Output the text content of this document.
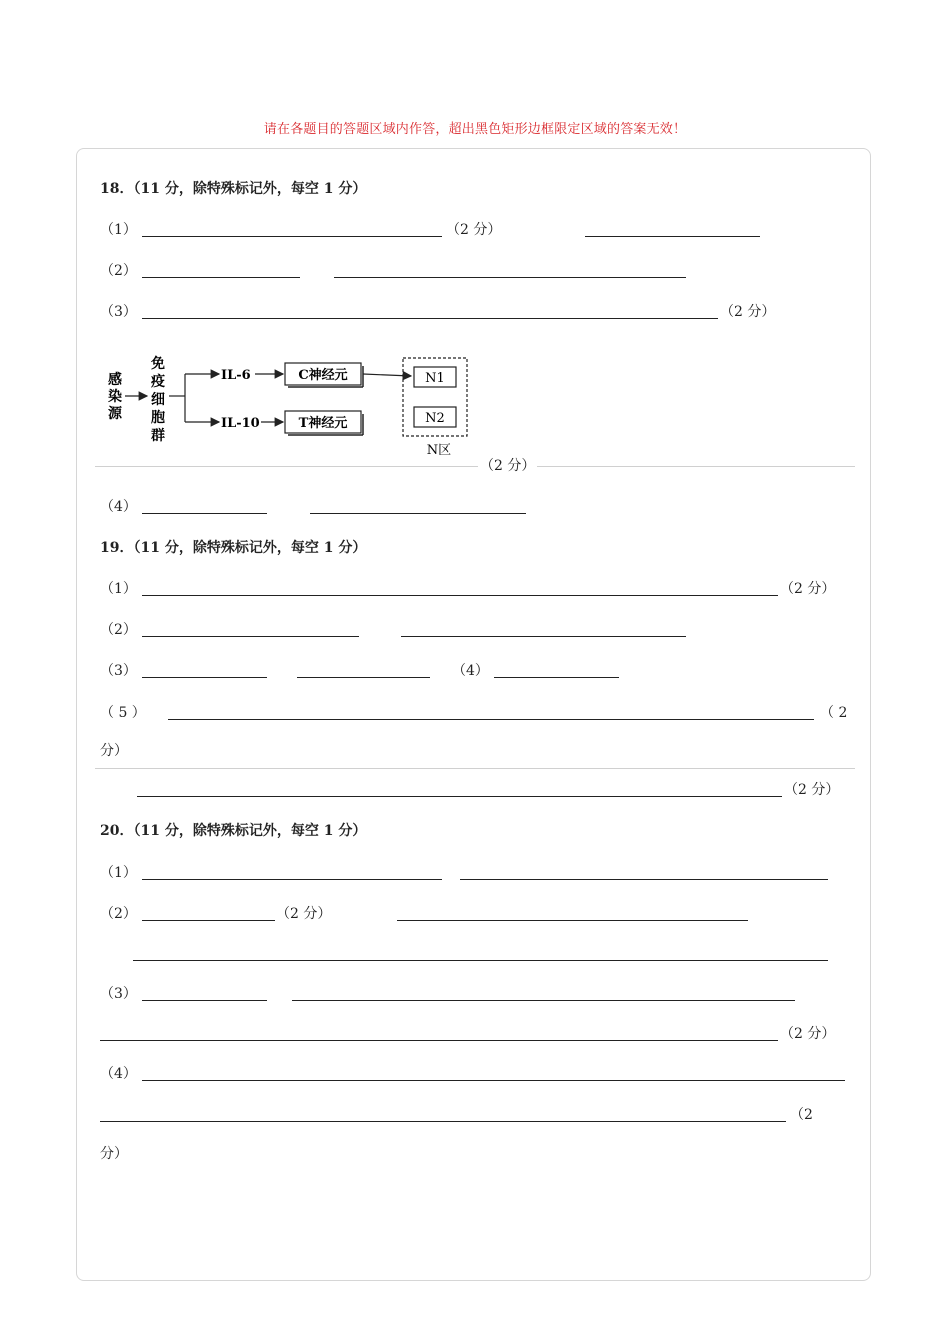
请在各题目的答题区域内作答，超出黑色矩形边框限定区域的答案无效！
18．（11 分，除特殊标记外，每空 1 分）
（1）	（2 分）
（2）
（3）	（2 分）
感
染
源
免
疫
细
胞
群
IL-6
IL-10
C神经元
T神经元
N1
N2
N区
（2 分）
（4）
19．（11 分，除特殊标记外，每空 1 分）
（1）	（2 分）
（2）
（3）	（4）
（ 5 ）	（ 2
分）
（2 分）
20．（11 分，除特殊标记外，每空 1 分）
（1）
（2）	（2 分）
（3）
（2 分）
（4）
（2
分）
